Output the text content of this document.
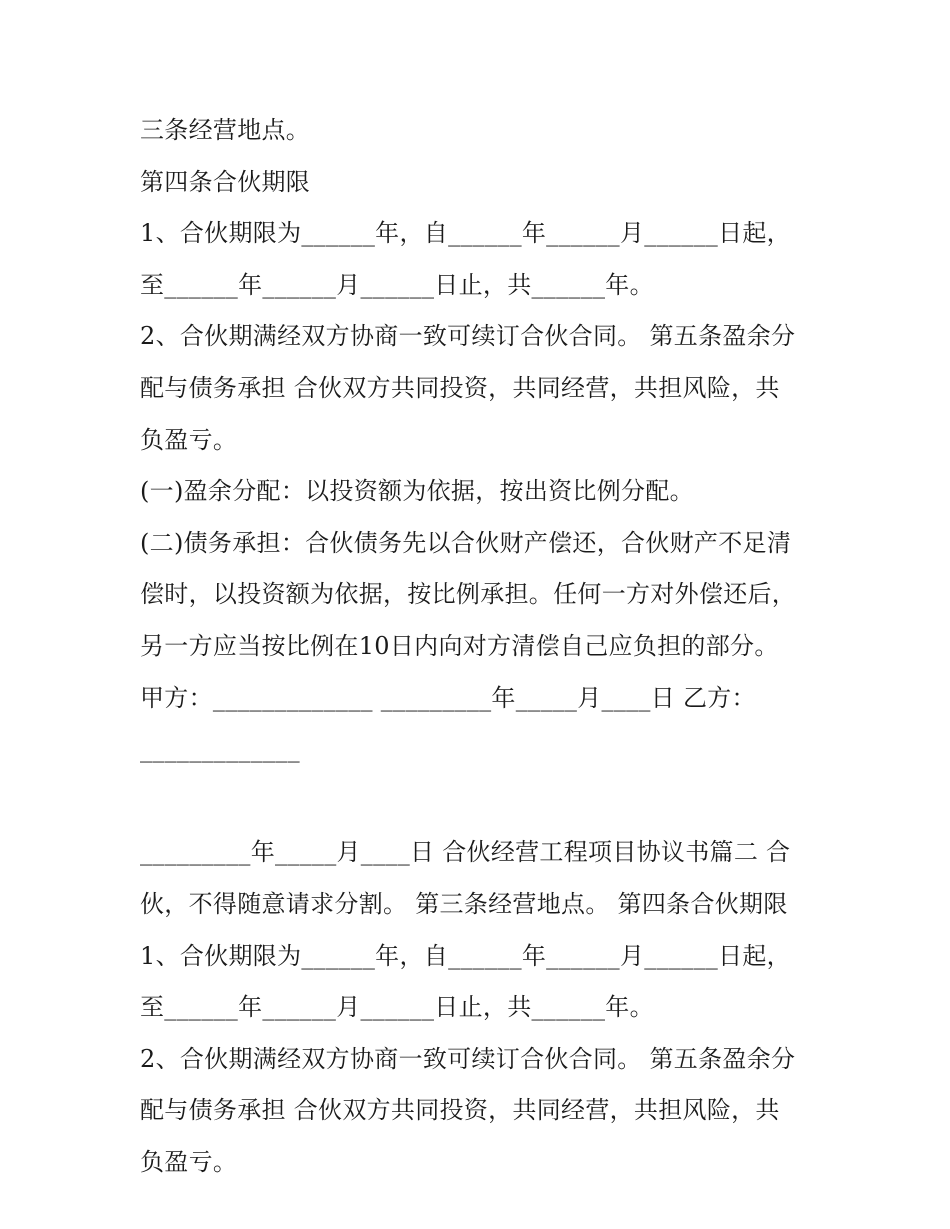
三条经营地点。
第四条合伙期限
1、合伙期限为______年，自______年______月______日起，
至______年______月______日止，共______年。
2、合伙期满经双方协商一致可续订合伙合同。 第五条盈余分
配与债务承担 合伙双方共同投资，共同经营，共担风险，共
负盈亏。
(一)盈余分配：以投资额为依据，按出资比例分配。
(二)债务承担：合伙债务先以合伙财产偿还，合伙财产不足清
偿时，以投资额为依据，按比例承担。任何一方对外偿还后，
另一方应当按比例在10日内向对方清偿自己应负担的部分。
甲方：_____________ _________年_____月____日 乙方：
_____________
_________年_____月____日 合伙经营工程项目协议书篇二 合
伙，不得随意请求分割。 第三条经营地点。 第四条合伙期限
1、合伙期限为______年，自______年______月______日起，
至______年______月______日止，共______年。
2、合伙期满经双方协商一致可续订合伙合同。 第五条盈余分
配与债务承担 合伙双方共同投资，共同经营，共担风险，共
负盈亏。
